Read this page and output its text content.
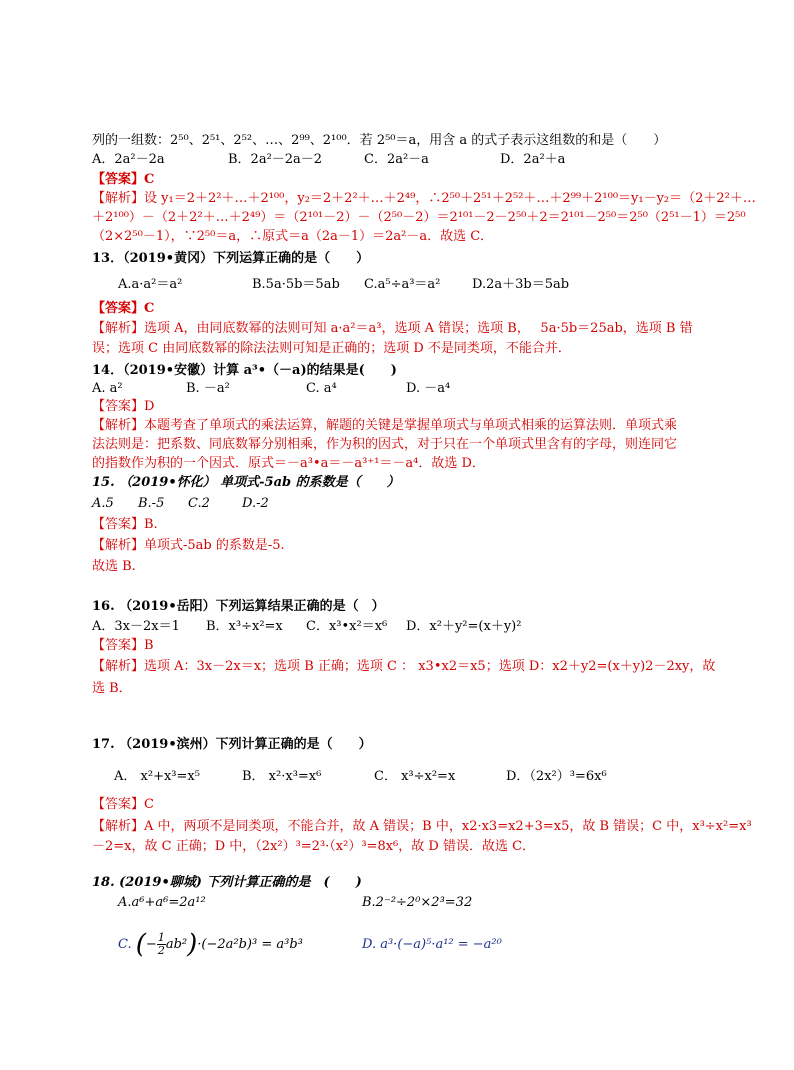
列的一组数：2⁵⁰、2⁵¹、2⁵²、…、2⁹⁹、2¹⁰⁰．若 2⁵⁰＝a，用含 a 的式子表示这组数的和是（　　）
A．2a²－2a	B．2a²－2a－2	C．2a²－a	D．2a²＋a
【答案】C
【解析】设 y₁＝2＋2²＋…＋2¹⁰⁰，y₂＝2＋2²＋…＋2⁴⁹，∴2⁵⁰＋2⁵¹＋2⁵²＋…＋2⁹⁹＋2¹⁰⁰＝y₁－y₂＝（2＋2²＋…
＋2¹⁰⁰）－（2＋2²＋…＋2⁴⁹）＝（2¹⁰¹－2）－（2⁵⁰－2）＝2¹⁰¹－2－2⁵⁰＋2＝2¹⁰¹－2⁵⁰＝2⁵⁰（2⁵¹－1）＝2⁵⁰
（2×2⁵⁰－1），∵2⁵⁰＝a，∴原式＝a（2a－1）＝2a²－a．故选 C．
13．（2019•黄冈）下列运算正确的是（　　）
A.a·a²＝a²	B.5a·5b＝5ab C.a⁵÷a³＝a² D.2a＋3b＝5ab
【答案】C
【解析】选项 A，由同底数幂的法则可知 a·a²＝a³，选项 A 错误；选项 B，　 5a·5b＝25ab，选项 B 错
误；选项 C 由同底数幂的除法法则可知是正确的；选项 D 不是同类项，不能合并．
14．（2019•安徽）计算 a³•（－a)的结果是(　　)
A. a²	B. －a²	C. a⁴	D. －a⁴
【答案】D
【解析】本题考查了单项式的乘法运算，解题的关键是掌握单项式与单项式相乘的运算法则．单项式乘
法法则是：把系数、同底数幂分别相乘，作为积的因式，对于只在一个单项式里含有的字母，则连同它
的指数作为积的一个因式．原式＝－a³•a＝－a³⁺¹＝－a⁴．故选 D．
15. （2019•怀化） 单项式-5ab 的系数是（　　）
A.5 B.-5 C.2 D.-2
【答案】B.
【解析】单项式-5ab 的系数是-5.
故选 B.
16. （2019•岳阳）下列运算结果正确的是（　）
A．3x－2x＝1 B．x³÷x²=x C．x³•x²＝x⁶ D．x²＋y²=(x＋y)²
【答案】B
【解析】选项 A：3x－2x＝x；选项 B 正确；选项 C ： x3•x2＝x5；选项 D：x2＋y2=(x＋y)2－2xy，故
选 B．
17. （2019•滨州）下列计算正确的是（　　）
A． x²+x³=x⁵	B． x²·x³=x⁶	C． x³÷x²=x	D．（2x²）³=6x⁶
【答案】C
【解析】A 中，两项不是同类项，不能合并，故 A 错误；B 中，x2·x3=x2+3=x5，故 B 错误；C 中，x³÷x²=x³
－2=x，故 C 正确；D 中，（2x²）³=2³·（x²）³=8x⁶，故 D 错误．故选 C．
18. (2019•聊城) 下列计算正确的是　(　　)
A.a⁶+a⁶=2a¹²	B.2⁻²÷2⁰×2³=32
C. (− $\frac{1}{2} ab^2)\cdot(-2a^2b)^3 = a^3b^3$	D. a³·(−a)⁵·a¹² = −a²⁰
